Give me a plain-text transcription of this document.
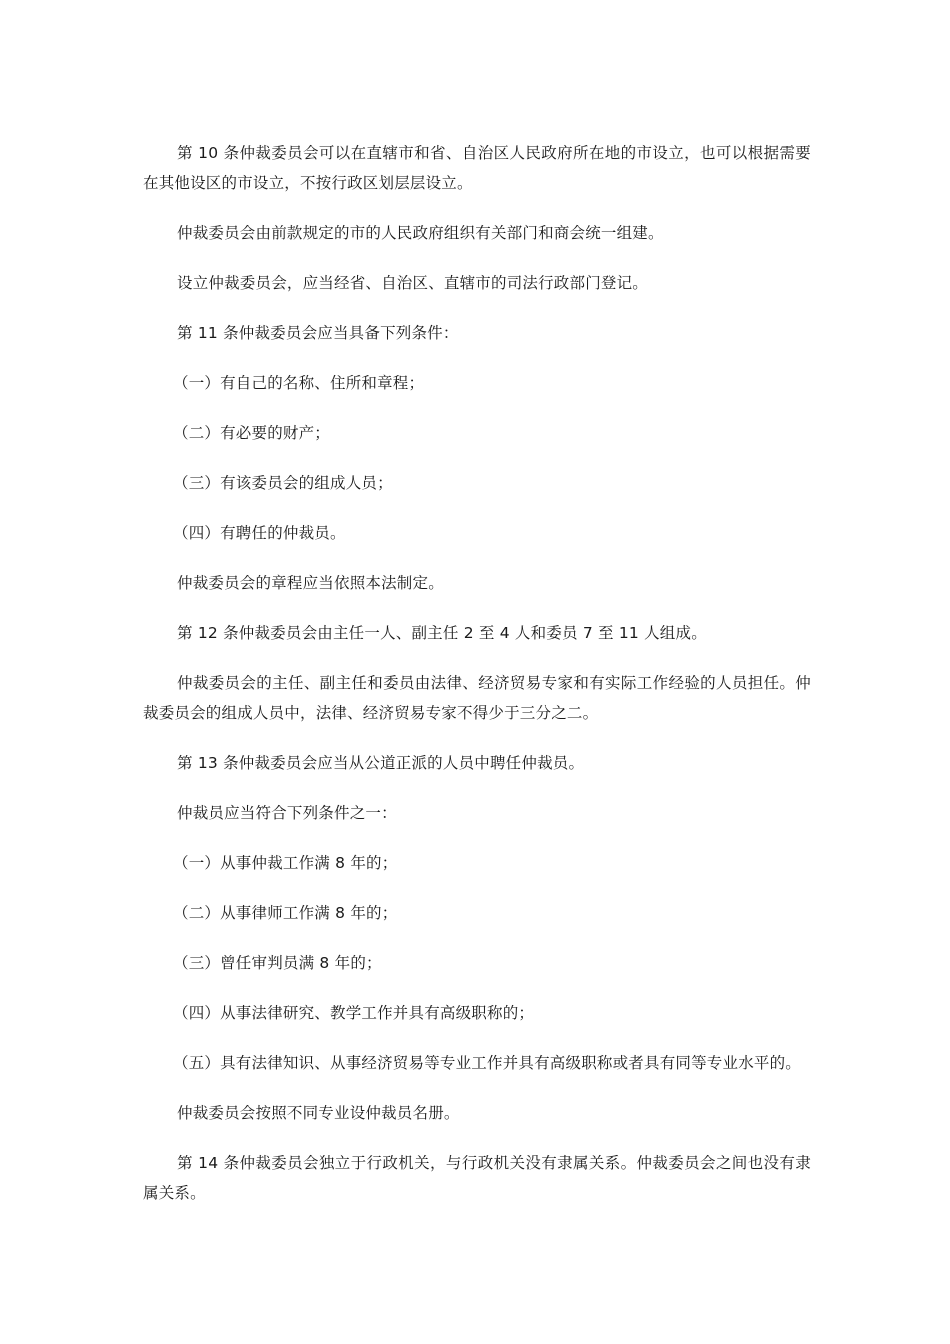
第 10 条仲裁委员会可以在直辖市和省、自治区人民政府所在地的市设立，也可以根据需要在其他设区的市设立，不按行政区划层层设立。

仲裁委员会由前款规定的市的人民政府组织有关部门和商会统一组建。

设立仲裁委员会，应当经省、自治区、直辖市的司法行政部门登记。

第 11 条仲裁委员会应当具备下列条件：

（一）有自己的名称、住所和章程；

（二）有必要的财产；

（三）有该委员会的组成人员；

（四）有聘任的仲裁员。

仲裁委员会的章程应当依照本法制定。

第 12 条仲裁委员会由主任一人、副主任 2 至 4 人和委员 7 至 11 人组成。

仲裁委员会的主任、副主任和委员由法律、经济贸易专家和有实际工作经验的人员担任。仲裁委员会的组成人员中，法律、经济贸易专家不得少于三分之二。

第 13 条仲裁委员会应当从公道正派的人员中聘任仲裁员。

仲裁员应当符合下列条件之一：

（一）从事仲裁工作满 8 年的；

（二）从事律师工作满 8 年的；

（三）曾任审判员满 8 年的；

（四）从事法律研究、教学工作并具有高级职称的；

（五）具有法律知识、从事经济贸易等专业工作并具有高级职称或者具有同等专业水平的。

仲裁委员会按照不同专业设仲裁员名册。

第 14 条仲裁委员会独立于行政机关，与行政机关没有隶属关系。仲裁委员会之间也没有隶属关系。
